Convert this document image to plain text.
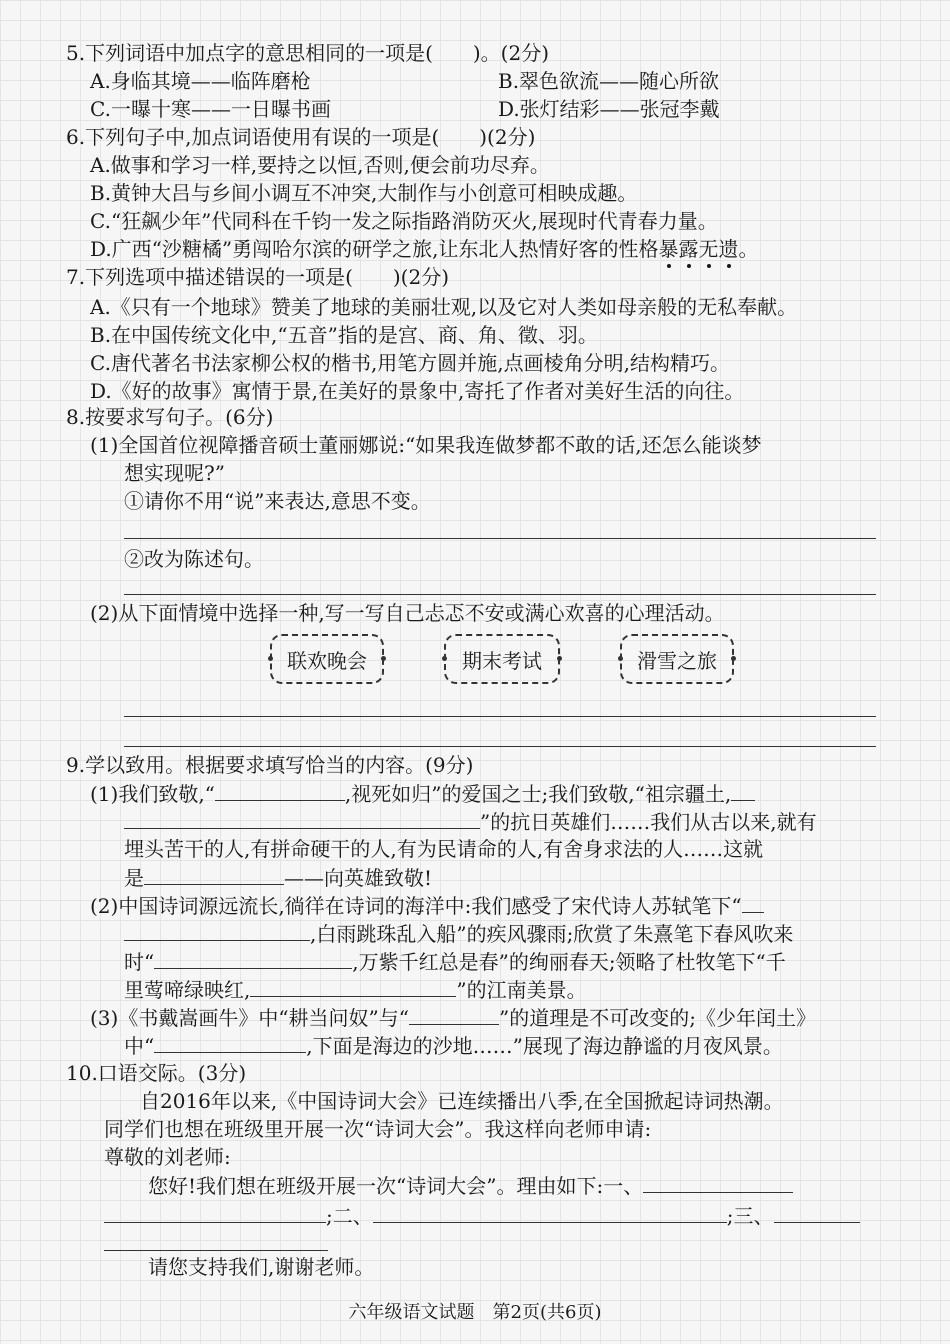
5.下列词语中加点字的意思相同的一项是(　　)。(2分)
A.身临其境——临阵磨枪	B.翠色欲流——随心所欲
C.一曝十寒——一日曝书画	D.张灯结彩——张冠李戴
6.下列句子中,加点词语使用有误的一项是(　　)(2分)
A.做事和学习一样,要持之以恒,否则,便会前功尽弃。
B.黄钟大吕与乡间小调互不冲突,大制作与小创意可相映成趣。
C.“狂飙少年”代同科在千钧一发之际指路消防灭火,展现时代青春力量。
D.广西“沙糖橘”勇闯哈尔滨的研学之旅,让东北人热情好客的性格暴露无遗。
7.下列选项中描述错误的一项是(　　)(2分)
A.《只有一个地球》赞美了地球的美丽壮观,以及它对人类如母亲般的无私奉献。
B.在中国传统文化中,“五音”指的是宫、商、角、徵、羽。
C.唐代著名书法家柳公权的楷书,用笔方圆并施,点画棱角分明,结构精巧。
D.《好的故事》寓情于景,在美好的景象中,寄托了作者对美好生活的向往。
8.按要求写句子。(6分)
(1)全国首位视障播音硕士董丽娜说:“如果我连做梦都不敢的话,还怎么能谈梦
想实现呢?”
①请你不用“说”来表达,意思不变。
②改为陈述句。
(2)从下面情境中选择一种,写一写自己忐忑不安或满心欢喜的心理活动。
联欢晚会	期末考试	滑雪之旅
9.学以致用。根据要求填写恰当的内容。(9分)
(1)我们致敬,“	,视死如归”的爱国之士;我们致敬,“祖宗疆土,
”的抗日英雄们……我们从古以来,就有
埋头苦干的人,有拼命硬干的人,有为民请命的人,有舍身求法的人……这就
是	——向英雄致敬!
(2)中国诗词源远流长,徜徉在诗词的海洋中:我们感受了宋代诗人苏轼笔下“
,白雨跳珠乱入船”的疾风骤雨;欣赏了朱熹笔下春风吹来
时“	,万紫千红总是春”的绚丽春天;领略了杜牧笔下“千
里莺啼绿映红,	”的江南美景。
(3)《书戴嵩画牛》中“耕当问奴”与“	”的道理是不可改变的;《少年闰土》
中“	,下面是海边的沙地……”展现了海边静谧的月夜风景。
10.口语交际。(3分)
自2016年以来,《中国诗词大会》已连续播出八季,在全国掀起诗词热潮。
同学们也想在班级里开展一次“诗词大会”。我这样向老师申请:
尊敬的刘老师:
您好!我们想在班级开展一次“诗词大会”。理由如下:一、
;二、	;三、
请您支持我们,谢谢老师。
六年级语文试题　第2页(共6页)
